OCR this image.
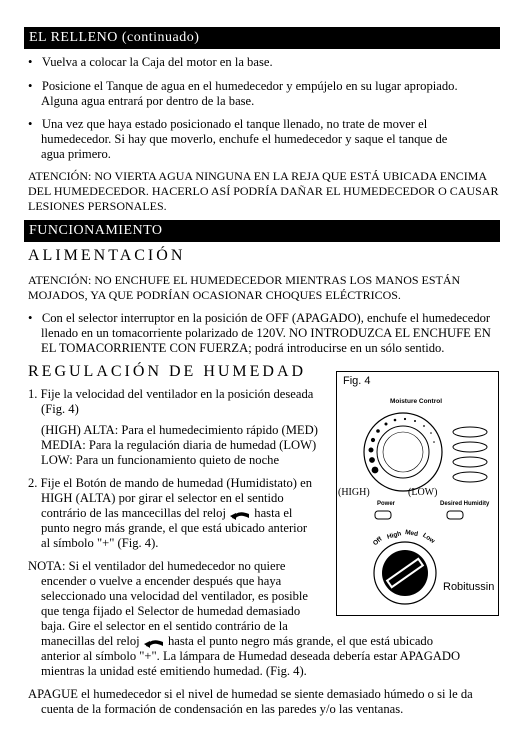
EL RELLENO (continuado)
•   Vuelva a colocar la Caja del motor en la base.
•   Posicione el Tanque de agua en el humedecedor y empújelo en su lugar apropiado.
Alguna agua entrará por dentro de la base.
•   Una vez que haya estado posicionado el tanque llenado, no trate de mover el
humedecedor. Si hay que moverlo, enchufe el humedecedor y saque el tanque de
agua primero.
ATENCIÓN: NO VIERTA AGUA NINGUNA EN LA REJA QUE ESTÁ UBICADA ENCIMA
DEL HUMEDECEDOR. HACERLO ASÍ PODRÍA DAÑAR EL HUMEDECEDOR O CAUSAR
LESIONES PERSONALES.
FUNCIONAMIENTO
ALIMENTACIÓN
ATENCIÓN: NO ENCHUFE EL HUMEDECEDOR MIENTRAS LOS MANOS ESTÁN
MOJADOS, YA QUE PODRÍAN OCASIONAR CHOQUES ELÉCTRICOS.
•   Con el selector interruptor en la posición de OFF (APAGADO), enchufe el humedecedor
llenado en un tomacorriente polarizado de 120V. NO INTRODUZCA EL ENCHUFE EN
EL TOMACORRIENTE CON FUERZA; podrá introducirse en un sólo sentido.
REGULACIÓN DE HUMEDAD
1. Fije la velocidad del ventilador en la posición deseada
(Fig. 4)
(HIGH) ALTA: Para el humedecimiento rápido (MED)
MEDIA: Para la regulación diaria de humedad (LOW)
LOW: Para un funcionamiento quieto de noche
2. Fije el Botón de mando de humedad (Humidistato) en
HIGH (ALTA) por girar el selector en el sentido
contrário de las mancecillas del reloj hasta el
punto negro más grande, el que está ubicado anterior
al símbolo "+" (Fig. 4).
NOTA: Si el ventilador del humedecedor no quiere
encender o vuelve a encender después que haya
seleccionado una velocidad del ventilador, es posible
que tenga fijado el Selector de humedad demasiado
baja. Gire el selector en el sentido contrário de la
manecillas del reloj hasta el punto negro más grande, el que está ubicado
anterior al símbolo "+". La lámpara de Humedad deseada debería estar APAGADO
mientras la unidad esté emitiendo humedad. (Fig. 4).
APAGUE el humedecedor si el nivel de humedad se siente demasiado húmedo o si le da
cuenta de la formación de condensación en las paredes y/o las ventanas.
Fig. 4
Moisture Control
(HIGH)	(LOW)
Power	Desired Humidity
Off
High Med Low
Robitussin
